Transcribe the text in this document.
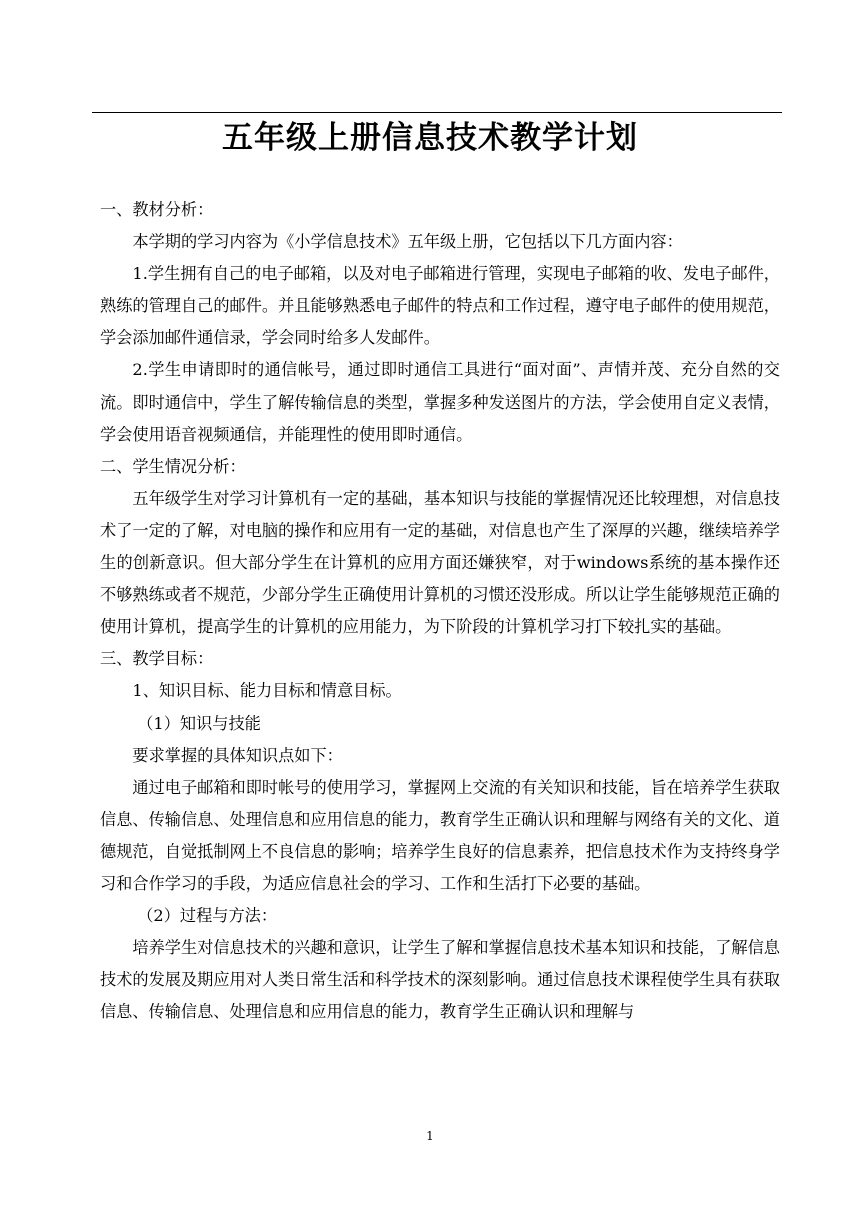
五年级上册信息技术教学计划

一、教材分析：

本学期的学习内容为《小学信息技术》五年级上册，它包括以下几方面内容：

1.学生拥有自己的电子邮箱，以及对电子邮箱进行管理，实现电子邮箱的收、发电子邮件，熟练的管理自己的邮件。并且能够熟悉电子邮件的特点和工作过程，遵守电子邮件的使用规范，学会添加邮件通信录，学会同时给多人发邮件。

2.学生申请即时的通信帐号，通过即时通信工具进行“面对面”、声情并茂、充分自然的交流。即时通信中，学生了解传输信息的类型，掌握多种发送图片的方法，学会使用自定义表情，学会使用语音视频通信，并能理性的使用即时通信。

二、学生情况分析：

五年级学生对学习计算机有一定的基础，基本知识与技能的掌握情况还比较理想，对信息技术了一定的了解，对电脑的操作和应用有一定的基础，对信息也产生了深厚的兴趣，继续培养学生的创新意识。但大部分学生在计算机的应用方面还嫌狭窄，对于windows系统的基本操作还不够熟练或者不规范，少部分学生正确使用计算机的习惯还没形成。所以让学生能够规范正确的使用计算机，提高学生的计算机的应用能力，为下阶段的计算机学习打下较扎实的基础。

三、教学目标：

1、知识目标、能力目标和情意目标。

（1）知识与技能

要求掌握的具体知识点如下：

通过电子邮箱和即时帐号的使用学习，掌握网上交流的有关知识和技能，旨在培养学生获取信息、传输信息、处理信息和应用信息的能力，教育学生正确认识和理解与网络有关的文化、道德规范，自觉抵制网上不良信息的影响；培养学生良好的信息素养，把信息技术作为支持终身学习和合作学习的手段，为适应信息社会的学习、工作和生活打下必要的基础。

（2）过程与方法：

培养学生对信息技术的兴趣和意识，让学生了解和掌握信息技术基本知识和技能，了解信息技术的发展及期应用对人类日常生活和科学技术的深刻影响。通过信息技术课程使学生具有获取信息、传输信息、处理信息和应用信息的能力，教育学生正确认识和理解与

1
